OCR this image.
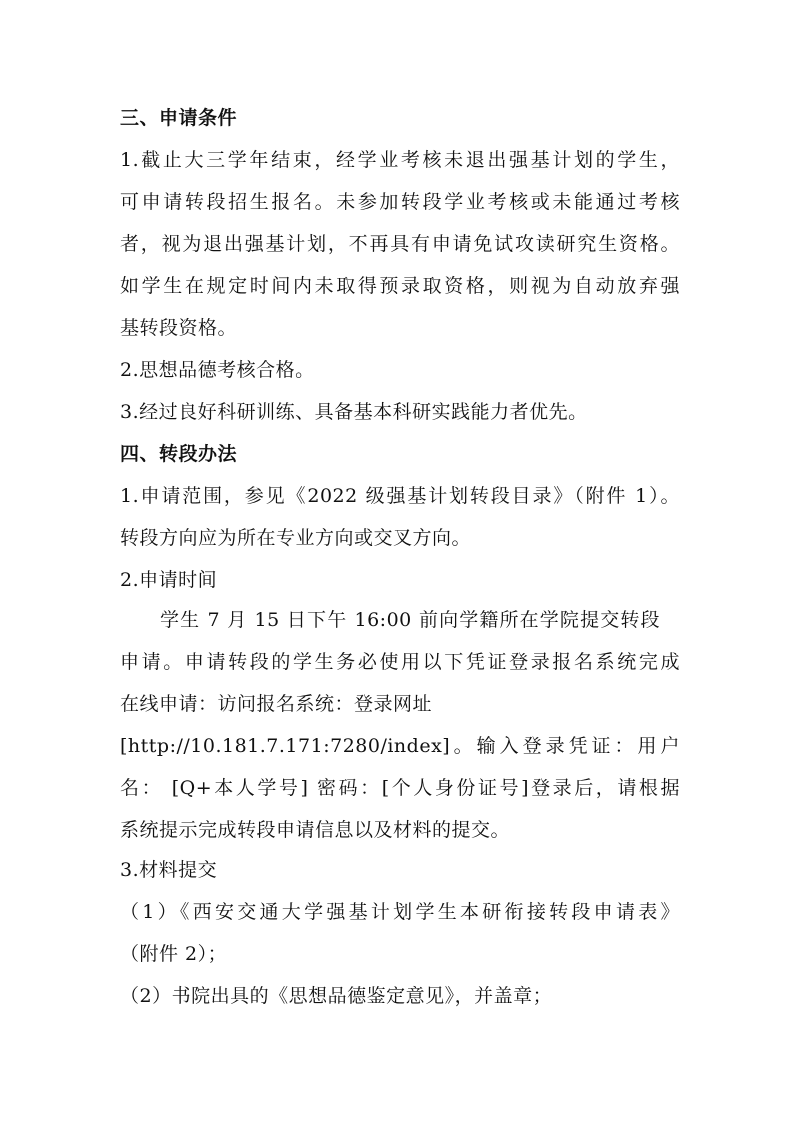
三、申请条件
1.截止大三学年结束，经学业考核未退出强基计划的学生，
可申请转段招生报名。未参加转段学业考核或未能通过考核
者，视为退出强基计划，不再具有申请免试攻读研究生资格。
如学生在规定时间内未取得预录取资格，则视为自动放弃强
基转段资格。
2.思想品德考核合格。
3.经过良好科研训练、具备基本科研实践能力者优先。
四、转段办法
1.申请范围，参见《2022 级强基计划转段目录》（附件 1）。
转段方向应为所在专业方向或交叉方向。
2.申请时间
学生 7 月 15 日下午 16:00 前向学籍所在学院提交转段
申请。申请转段的学生务必使用以下凭证登录报名系统完成
在线申请：访问报名系统：登录网址
[http://10.181.7.171:7280/index]。输入登录凭证：用户
名： [Q+本人学号] 密码：[个人身份证号]登录后，请根据
系统提示完成转段申请信息以及材料的提交。
3.材料提交
（1）《西安交通大学强基计划学生本研衔接转段申请表》
（附件 2）；
（2）书院出具的《思想品德鉴定意见》，并盖章；
